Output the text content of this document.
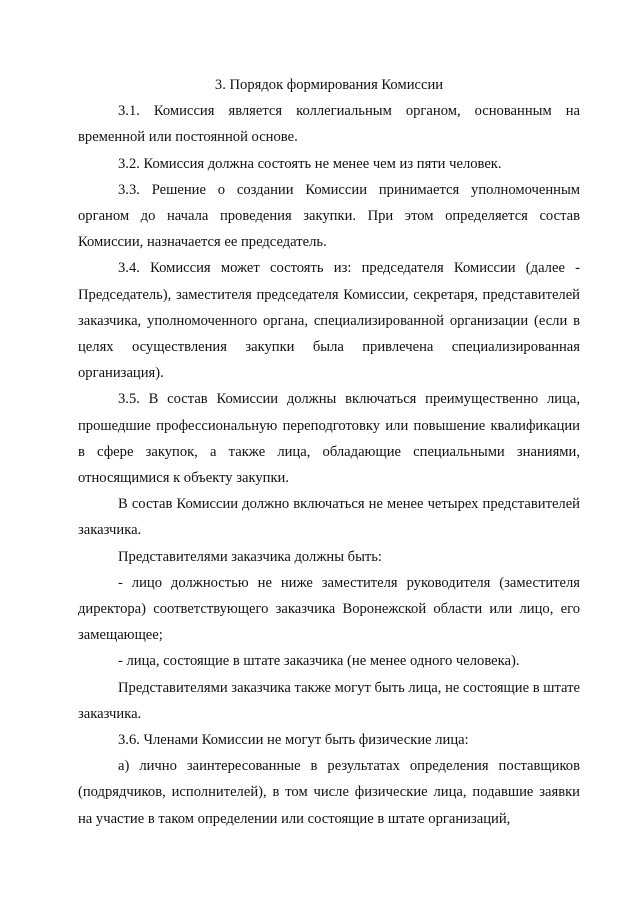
3. Порядок формирования Комиссии

3.1. Комиссия является коллегиальным органом, основанным на временной или постоянной основе.

3.2. Комиссия должна состоять не менее чем из пяти человек.

3.3. Решение о создании Комиссии принимается уполномоченным органом до начала проведения закупки. При этом определяется состав Комиссии, назначается ее председатель.

3.4. Комиссия может состоять из: председателя Комиссии (далее - Председатель), заместителя председателя Комиссии, секретаря, представителей заказчика, уполномоченного органа, специализированной организации (если в целях осуществления закупки была привлечена специализированная организация).

3.5. В состав Комиссии должны включаться преимущественно лица, прошедшие профессиональную переподготовку или повышение квалификации в сфере закупок, а также лица, обладающие специальными знаниями, относящимися к объекту закупки.

В состав Комиссии должно включаться не менее четырех представителей заказчика.

Представителями заказчика должны быть:

- лицо должностью не ниже заместителя руководителя (заместителя директора) соответствующего заказчика Воронежской области или лицо, его замещающее;

- лица, состоящие в штате заказчика (не менее одного человека).

Представителями заказчика также могут быть лица, не состоящие в штате заказчика.

3.6. Членами Комиссии не могут быть физические лица:

а) лично заинтересованные в результатах определения поставщиков (подрядчиков, исполнителей), в том числе физические лица, подавшие заявки на участие в таком определении или состоящие в штате организаций,
